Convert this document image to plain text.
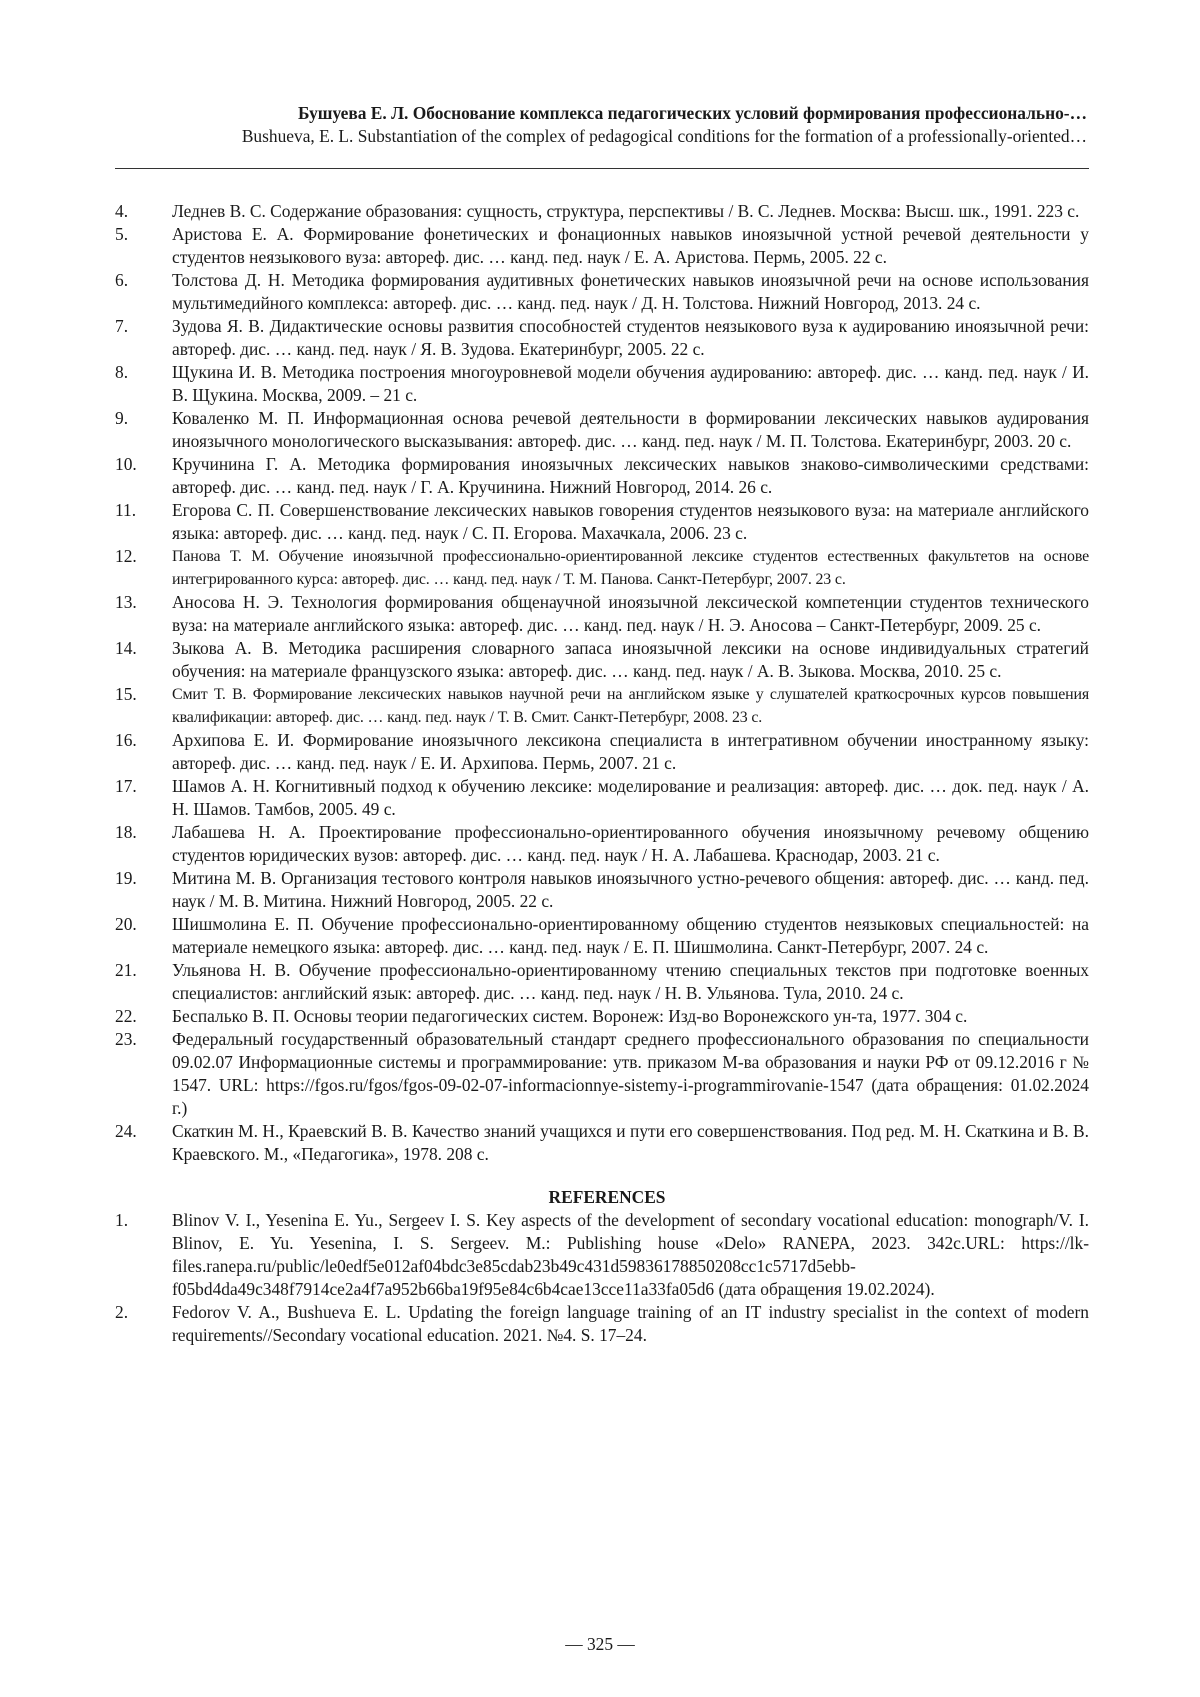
Бушуева Е. Л. Обоснование комплекса педагогических условий формирования профессионально-…
Bushueva, E. L. Substantiation of the complex of pedagogical conditions for the formation of a professionally-oriented…
4.	Леднев В. С. Содержание образования: сущность, структура, перспективы / В. С. Леднев. Москва: Высш. шк., 1991. 223 с.
5.	Аристова Е. А. Формирование фонетических и фонационных навыков иноязычной устной речевой деятельности у студентов неязыкового вуза: автореф. дис. … канд. пед. наук / Е. А. Аристова. Пермь, 2005. 22 с.
6.	Толстова Д. Н. Методика формирования аудитивных фонетических навыков иноязычной речи на основе использования мультимедийного комплекса: автореф. дис. … канд. пед. наук / Д. Н. Толстова. Нижний Новгород, 2013. 24 с.
7.	Зудова Я. В. Дидактические основы развития способностей студентов неязыкового вуза к аудированию иноязычной речи: автореф. дис. … канд. пед. наук / Я. В. Зудова. Екатеринбург, 2005. 22 с.
8.	Щукина И. В. Методика построения многоуровневой модели обучения аудированию: автореф. дис. … канд. пед. наук / И. В. Щукина. Москва, 2009. – 21 с.
9.	Коваленко М. П. Информационная основа речевой деятельности в формировании лексических навыков аудирования иноязычного монологического высказывания: автореф. дис. … канд. пед. наук / М. П. Толстова. Екатеринбург, 2003. 20 с.
10.	Кручинина Г. А. Методика формирования иноязычных лексических навыков знаково-символическими средствами: автореф. дис. … канд. пед. наук / Г. А. Кручинина. Нижний Новгород, 2014. 26 с.
11.	Егорова С. П. Совершенствование лексических навыков говорения студентов неязыкового вуза: на материале английского языка: автореф. дис. … канд. пед. наук / С. П. Егорова. Махачкала, 2006. 23 с.
12.	Панова Т. М. Обучение иноязычной профессионально-ориентированной лексике студентов естественных факультетов на основе интегрированного курса: автореф. дис. … канд. пед. наук / Т. М. Панова. Санкт-Петербург, 2007. 23 с.
13.	Аносова Н. Э. Технология формирования общенаучной иноязычной лексической компетенции студентов технического вуза: на материале английского языка: автореф. дис. … канд. пед. наук / Н. Э. Аносова – Санкт-Петербург, 2009. 25 с.
14.	Зыкова А. В. Методика расширения словарного запаса иноязычной лексики на основе индивидуальных стратегий обучения: на материале французского языка: автореф. дис. … канд. пед. наук / А. В. Зыкова. Москва, 2010. 25 с.
15.	Смит Т. В. Формирование лексических навыков научной речи на английском языке у слушателей краткосрочных курсов повышения квалификации: автореф. дис. … канд. пед. наук / Т. В. Смит. Санкт-Петербург, 2008. 23 с.
16.	Архипова Е. И. Формирование иноязычного лексикона специалиста в интегративном обучении иностранному языку: автореф. дис. … канд. пед. наук / Е. И. Архипова. Пермь, 2007. 21 с.
17.	Шамов А. Н. Когнитивный подход к обучению лексике: моделирование и реализация: автореф. дис. … док. пед. наук / А. Н. Шамов. Тамбов, 2005. 49 с.
18.	Лабашева Н. А. Проектирование профессионально-ориентированного обучения иноязычному речевому общению студентов юридических вузов: автореф. дис. … канд. пед. наук / Н. А. Лабашева. Краснодар, 2003. 21 с.
19.	Митина М. В. Организация тестового контроля навыков иноязычного устно-речевого общения: автореф. дис. … канд. пед. наук / М. В. Митина. Нижний Новгород, 2005. 22 с.
20.	Шишмолина Е. П. Обучение профессионально-ориентированному общению студентов неязыковых специальностей: на материале немецкого языка: автореф. дис. … канд. пед. наук / Е. П. Шишмолина. Санкт-Петербург, 2007. 24 с.
21.	Ульянова Н. В. Обучение профессионально-ориентированному чтению специальных текстов при подготовке военных специалистов: английский язык: автореф. дис. … канд. пед. наук / Н. В. Ульянова. Тула, 2010. 24 с.
22.	Беспалько В. П. Основы теории педагогических систем. Воронеж: Изд-во Воронежского ун-та, 1977. 304 с.
23.	Федеральный государственный образовательный стандарт среднего профессионального образования по специальности 09.02.07 Информационные системы и программирование: утв. приказом М-ва образования и науки РФ от 09.12.2016 г № 1547. URL: https://fgos.ru/fgos/fgos-09-02-07-informacionnye-sistemy-i-programmirovanie-1547 (дата обращения: 01.02.2024 г.)
24.	Скаткин М. Н., Краевский В. В. Качество знаний учащихся и пути его совершенствования. Под ред. М. Н. Скаткина и В. В. Краевского. М., «Педагогика», 1978. 208 с.
REFERENCES
1.	Blinov V. I., Yesenina E. Yu., Sergeev I. S. Key aspects of the development of secondary vocational education: monograph/V. I. Blinov, E. Yu. Yesenina, I. S. Sergeev. M.: Publishing house «Delo» RANEPA, 2023. 342c.URL: https://lk-files.ranepa.ru/public/le0edf5e012af04bdc3e85cdab23b49c431d59836178850208cc1c5717d5ebb-f05bd4da49c348f7914ce2a4f7a952b66ba19f95e84c6b4cae13cce11a33fa05d6 (дата обращения 19.02.2024).
2.	Fedorov V. A., Bushueva E. L. Updating the foreign language training of an IT industry specialist in the context of modern requirements//Secondary vocational education. 2021. №4. S. 17–24.
— 325 —
